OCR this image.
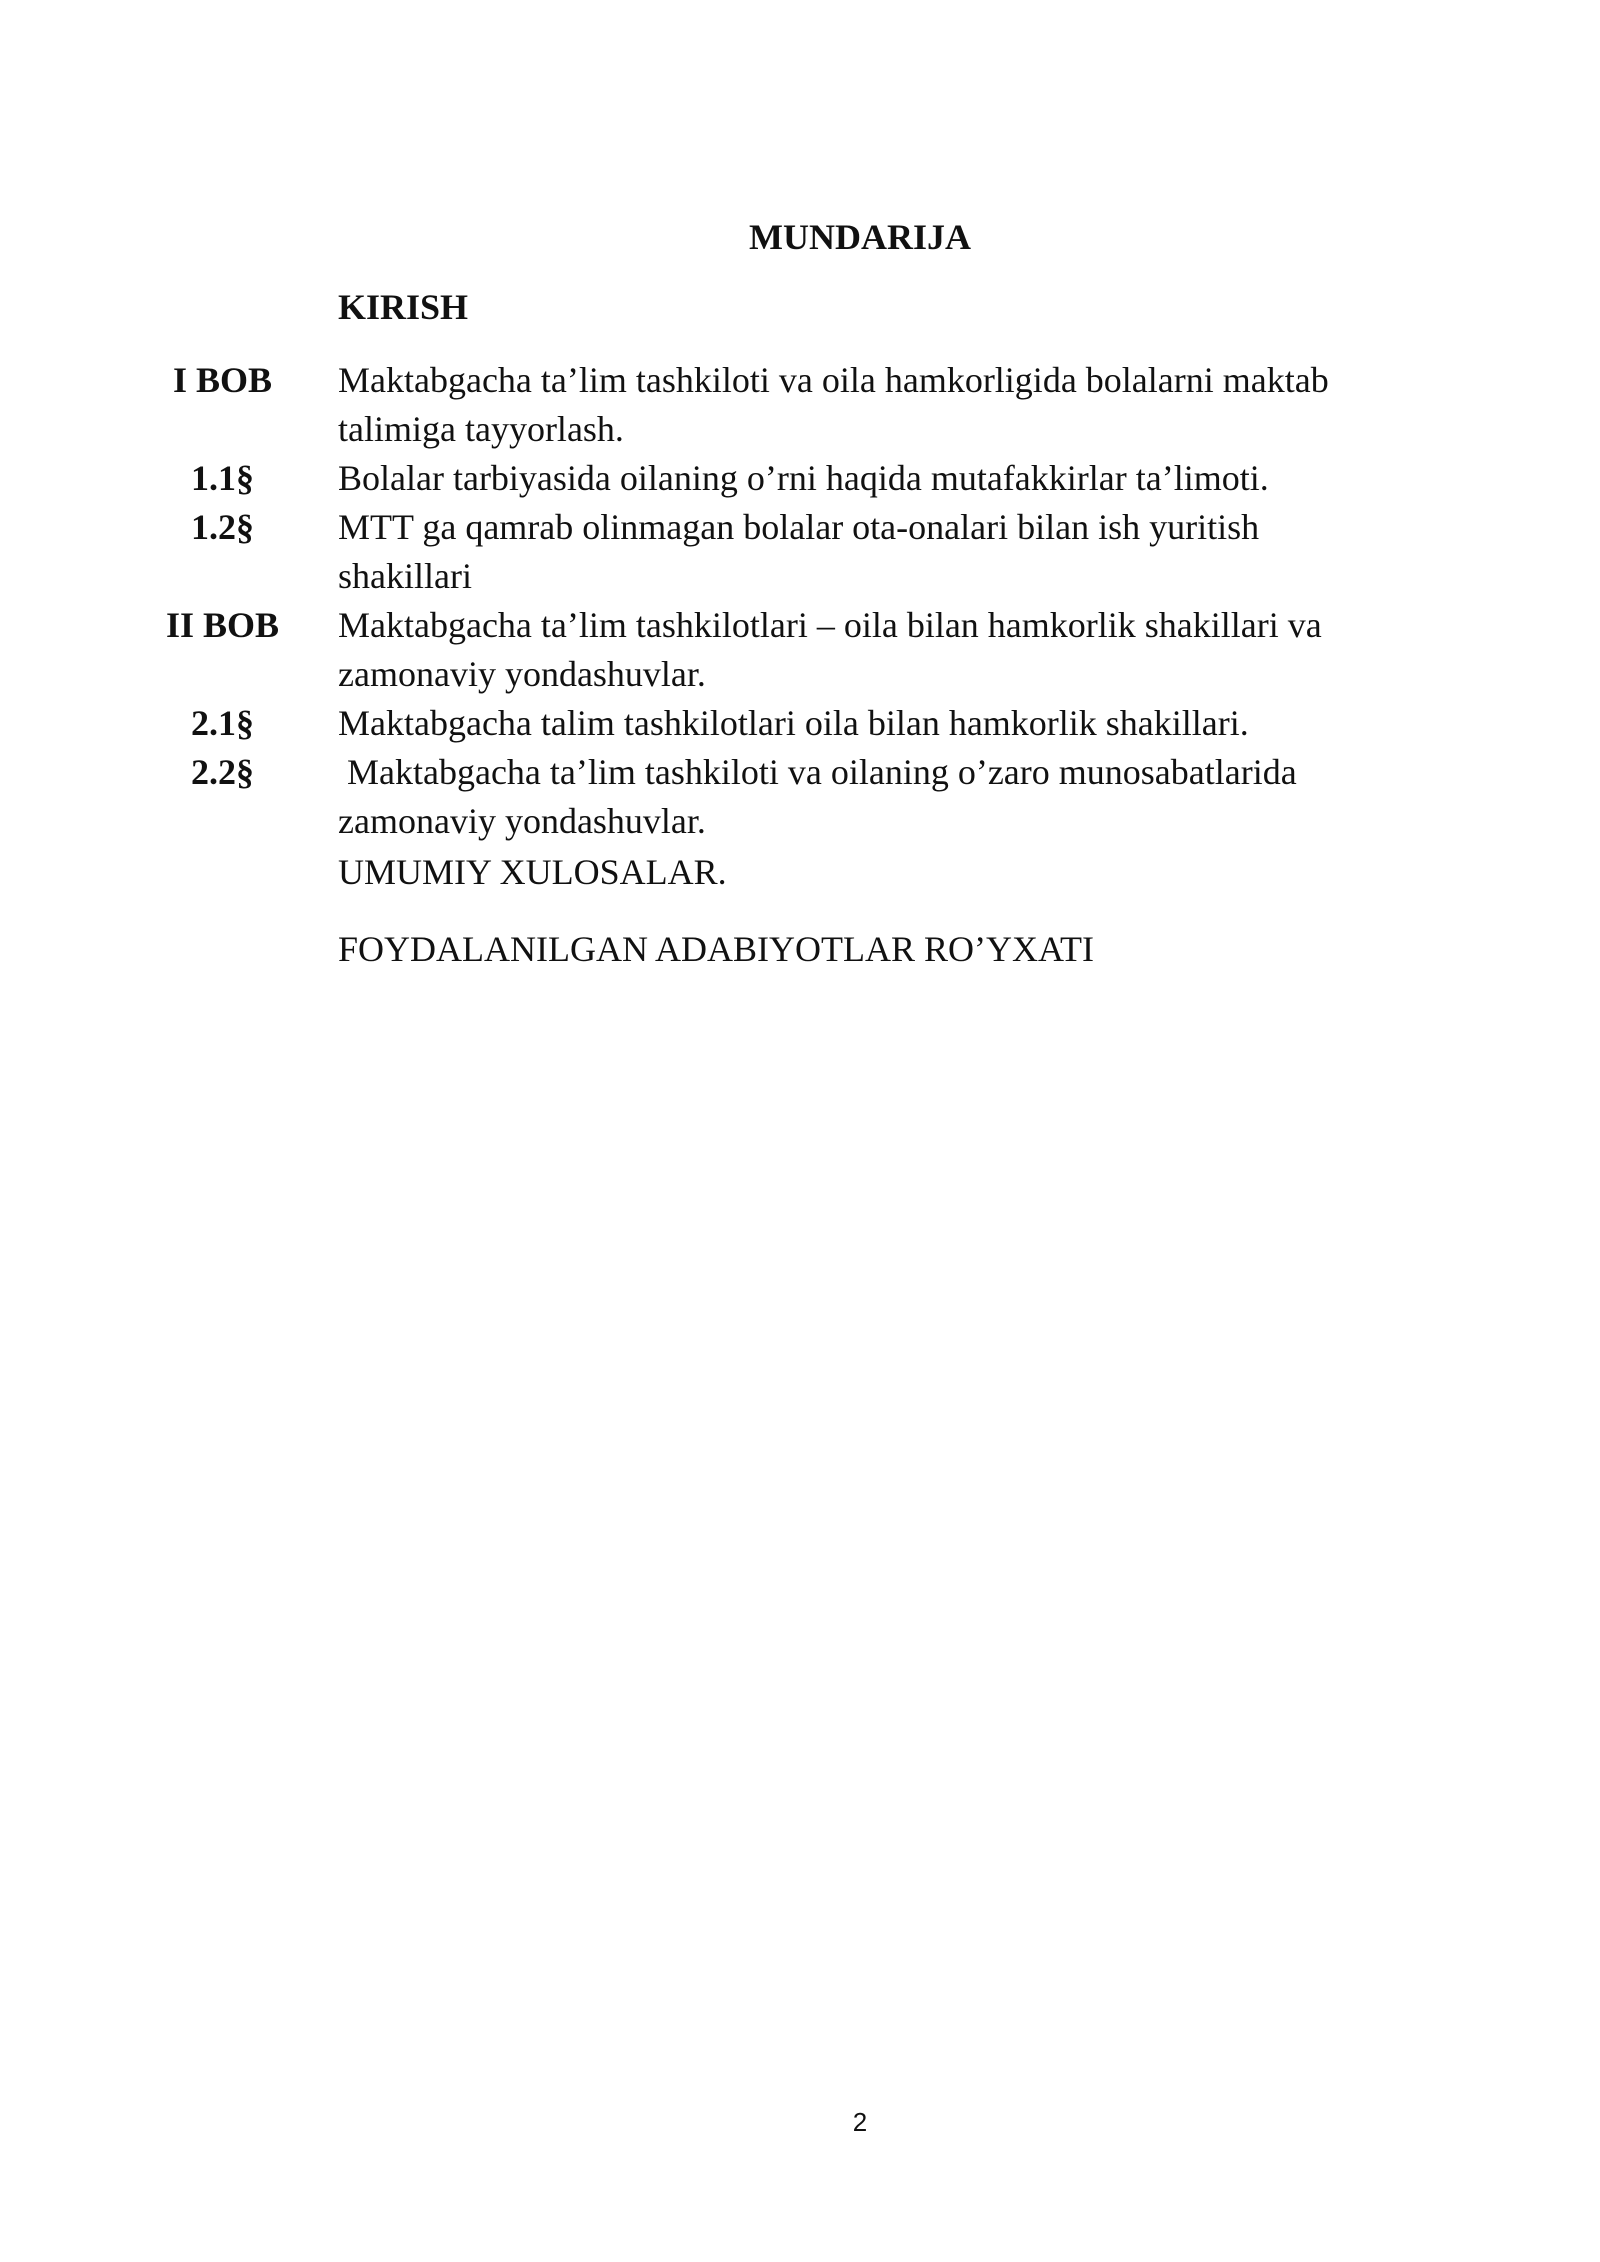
MUNDARIJA
KIRISH
I BOB	Maktabgacha ta’lim tashkiloti va oila hamkorligida bolalarni maktab talimiga tayyorlash.
1.1§	Bolalar tarbiyasida oilaning o’rni haqida mutafakkirlar ta’limoti.
1.2§	MTT ga qamrab olinmagan bolalar ota-onalari bilan ish yuritish shakillari
II BOB	Maktabgacha ta’lim tashkilotlari – oila bilan hamkorlik shakillari va zamonaviy yondashuvlar.
2.1§	Maktabgacha talim tashkilotlari oila bilan hamkorlik shakillari.
2.2§	Maktabgacha ta’lim tashkiloti va oilaning o’zaro munosabatlarida zamonaviy yondashuvlar.
UMUMIY XULOSALAR.
FOYDALANILGAN ADABIYOTLAR RO’YXATI
2
